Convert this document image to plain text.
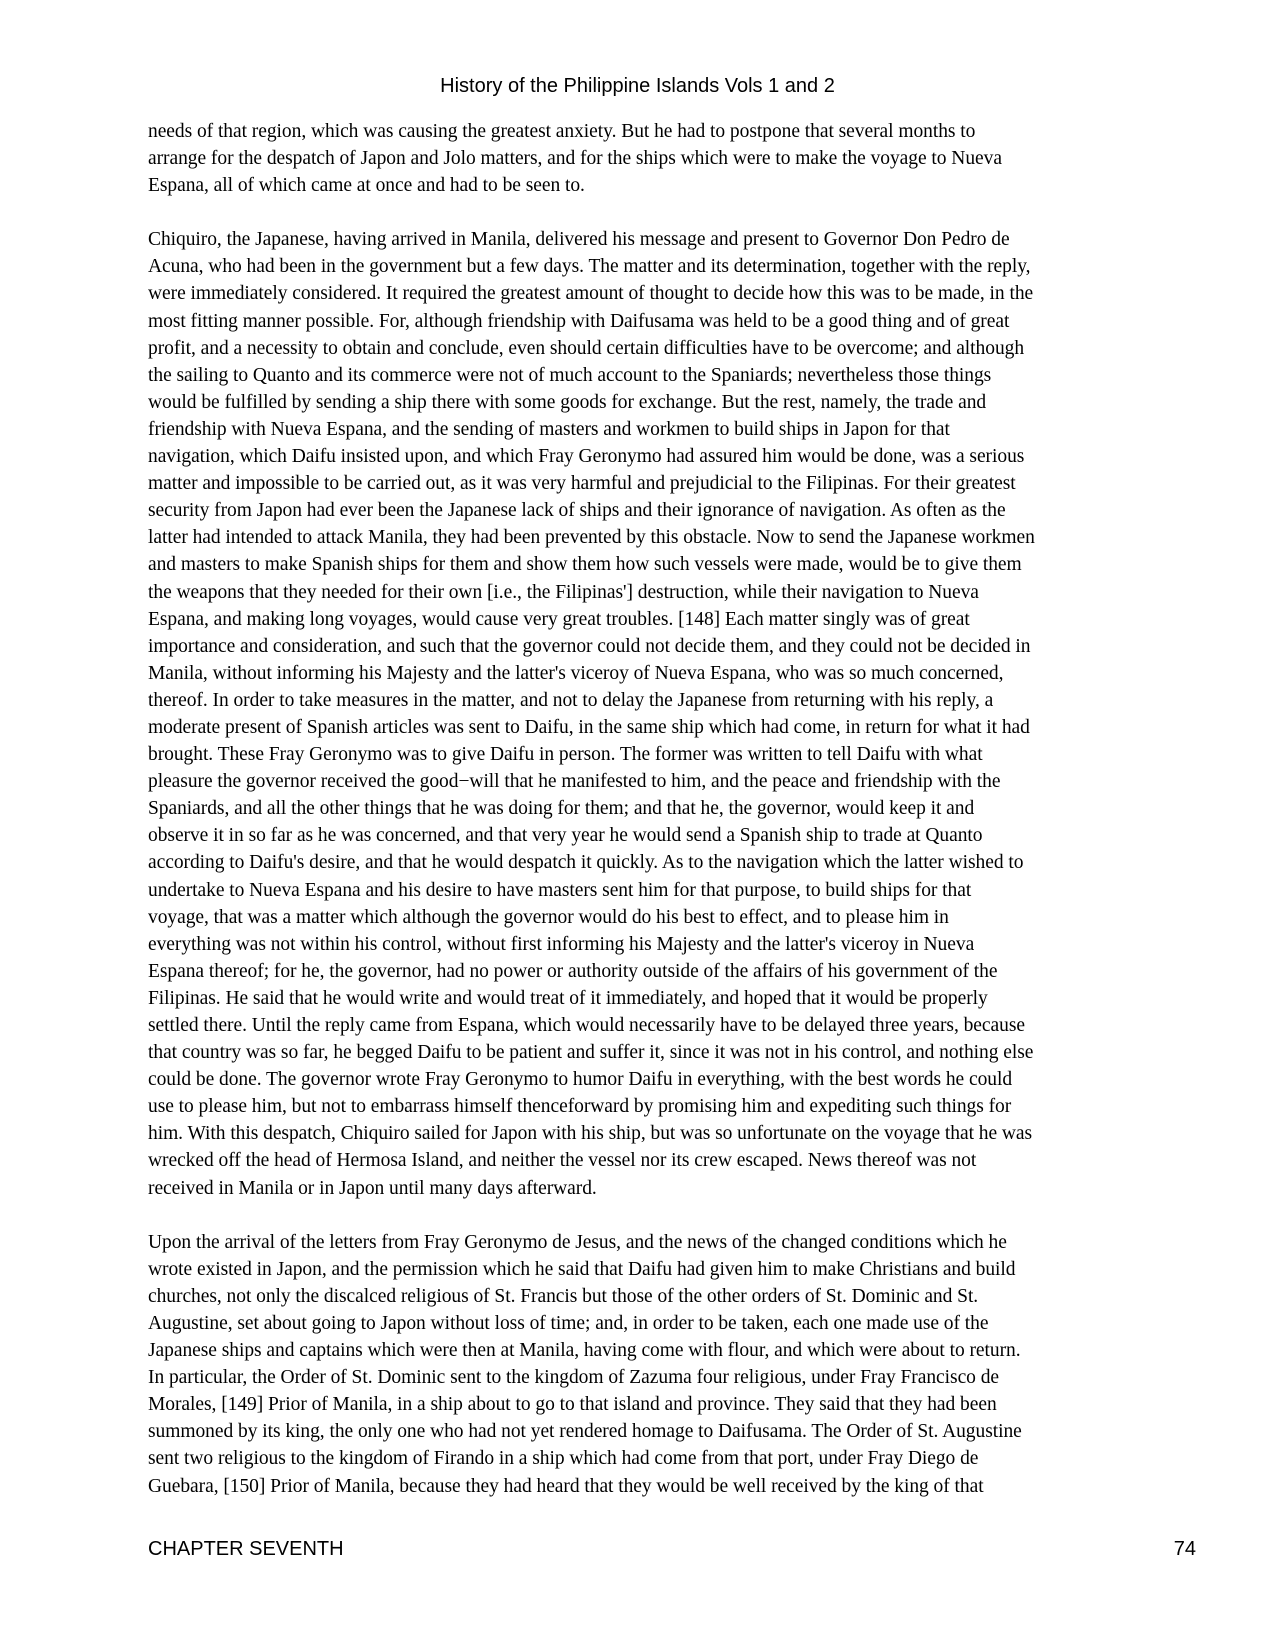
History of the Philippine Islands Vols 1 and 2

needs of that region, which was causing the greatest anxiety. But he had to postpone that several months to
arrange for the despatch of Japon and Jolo matters, and for the ships which were to make the voyage to Nueva
Espana, all of which came at once and had to be seen to.

Chiquiro, the Japanese, having arrived in Manila, delivered his message and present to Governor Don Pedro de
Acuna, who had been in the government but a few days. The matter and its determination, together with the reply,
were immediately considered. It required the greatest amount of thought to decide how this was to be made, in the
most fitting manner possible. For, although friendship with Daifusama was held to be a good thing and of great
profit, and a necessity to obtain and conclude, even should certain difficulties have to be overcome; and although
the sailing to Quanto and its commerce were not of much account to the Spaniards; nevertheless those things
would be fulfilled by sending a ship there with some goods for exchange. But the rest, namely, the trade and
friendship with Nueva Espana, and the sending of masters and workmen to build ships in Japon for that
navigation, which Daifu insisted upon, and which Fray Geronymo had assured him would be done, was a serious
matter and impossible to be carried out, as it was very harmful and prejudicial to the Filipinas. For their greatest
security from Japon had ever been the Japanese lack of ships and their ignorance of navigation. As often as the
latter had intended to attack Manila, they had been prevented by this obstacle. Now to send the Japanese workmen
and masters to make Spanish ships for them and show them how such vessels were made, would be to give them
the weapons that they needed for their own [i.e., the Filipinas'] destruction, while their navigation to Nueva
Espana, and making long voyages, would cause very great troubles. [148] Each matter singly was of great
importance and consideration, and such that the governor could not decide them, and they could not be decided in
Manila, without informing his Majesty and the latter's viceroy of Nueva Espana, who was so much concerned,
thereof. In order to take measures in the matter, and not to delay the Japanese from returning with his reply, a
moderate present of Spanish articles was sent to Daifu, in the same ship which had come, in return for what it had
brought. These Fray Geronymo was to give Daifu in person. The former was written to tell Daifu with what
pleasure the governor received the good−will that he manifested to him, and the peace and friendship with the
Spaniards, and all the other things that he was doing for them; and that he, the governor, would keep it and
observe it in so far as he was concerned, and that very year he would send a Spanish ship to trade at Quanto
according to Daifu's desire, and that he would despatch it quickly. As to the navigation which the latter wished to
undertake to Nueva Espana and his desire to have masters sent him for that purpose, to build ships for that
voyage, that was a matter which although the governor would do his best to effect, and to please him in
everything was not within his control, without first informing his Majesty and the latter's viceroy in Nueva
Espana thereof; for he, the governor, had no power or authority outside of the affairs of his government of the
Filipinas. He said that he would write and would treat of it immediately, and hoped that it would be properly
settled there. Until the reply came from Espana, which would necessarily have to be delayed three years, because
that country was so far, he begged Daifu to be patient and suffer it, since it was not in his control, and nothing else
could be done. The governor wrote Fray Geronymo to humor Daifu in everything, with the best words he could
use to please him, but not to embarrass himself thenceforward by promising him and expediting such things for
him. With this despatch, Chiquiro sailed for Japon with his ship, but was so unfortunate on the voyage that he was
wrecked off the head of Hermosa Island, and neither the vessel nor its crew escaped. News thereof was not
received in Manila or in Japon until many days afterward.

Upon the arrival of the letters from Fray Geronymo de Jesus, and the news of the changed conditions which he
wrote existed in Japon, and the permission which he said that Daifu had given him to make Christians and build
churches, not only the discalced religious of St. Francis but those of the other orders of St. Dominic and St.
Augustine, set about going to Japon without loss of time; and, in order to be taken, each one made use of the
Japanese ships and captains which were then at Manila, having come with flour, and which were about to return.
In particular, the Order of St. Dominic sent to the kingdom of Zazuma four religious, under Fray Francisco de
Morales, [149] Prior of Manila, in a ship about to go to that island and province. They said that they had been
summoned by its king, the only one who had not yet rendered homage to Daifusama. The Order of St. Augustine
sent two religious to the kingdom of Firando in a ship which had come from that port, under Fray Diego de
Guebara, [150] Prior of Manila, because they had heard that they would be well received by the king of that

CHAPTER SEVENTH	74
